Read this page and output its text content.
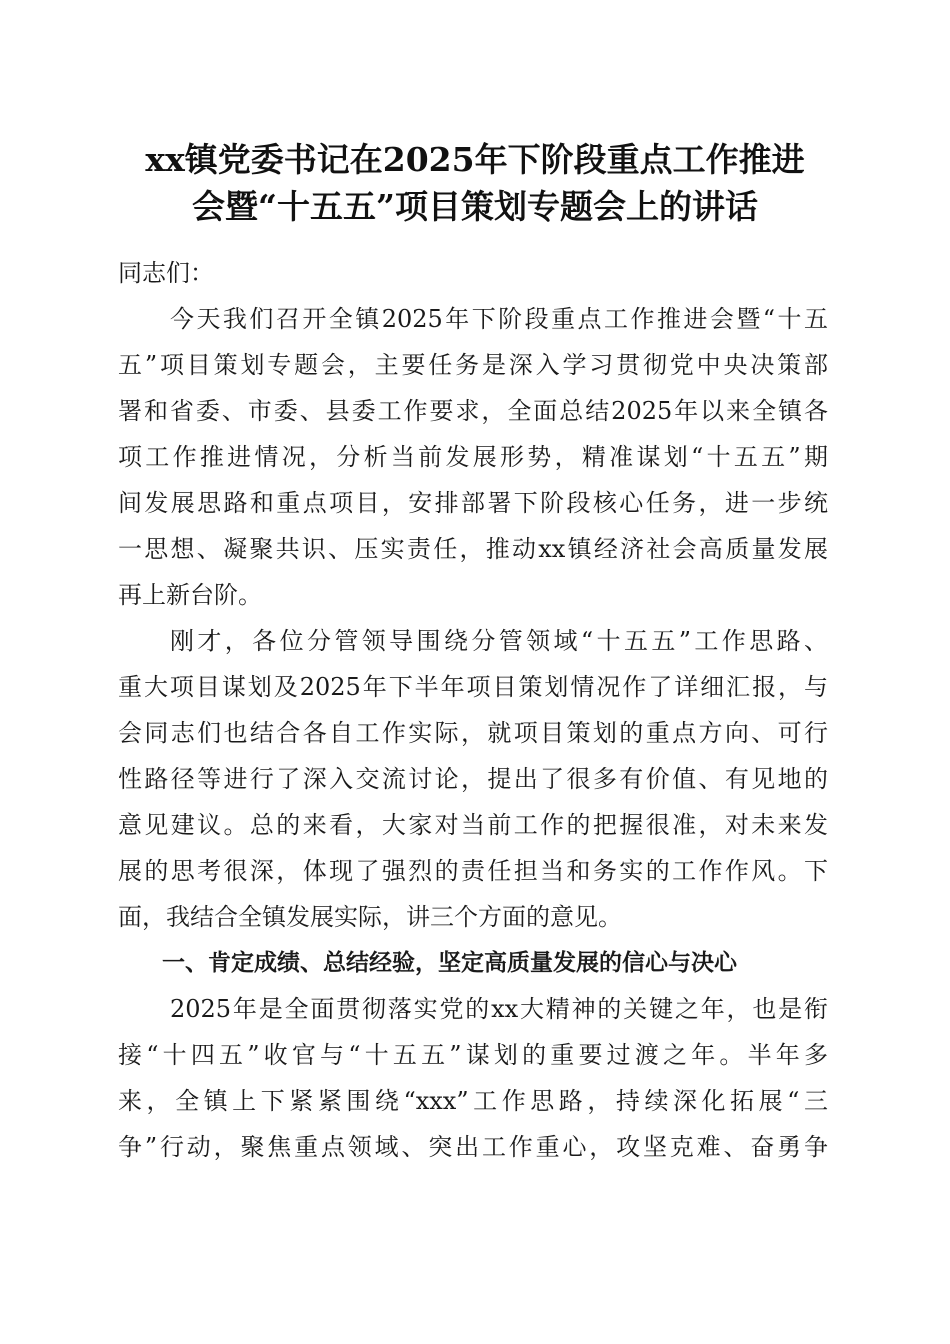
xx镇党委书记在2025年下阶段重点工作推进
会暨“十五五”项目策划专题会上的讲话
同志们：
今天我们召开全镇2025年下阶段重点工作推进会暨“十五
五”项目策划专题会，主要任务是深入学习贯彻党中央决策部
署和省委、市委、县委工作要求，全面总结2025年以来全镇各
项工作推进情况，分析当前发展形势，精准谋划“十五五”期
间发展思路和重点项目，安排部署下阶段核心任务，进一步统
一思想、凝聚共识、压实责任，推动xx镇经济社会高质量发展
再上新台阶。
刚才，各位分管领导围绕分管领域“十五五”工作思路、
重大项目谋划及2025年下半年项目策划情况作了详细汇报，与
会同志们也结合各自工作实际，就项目策划的重点方向、可行
性路径等进行了深入交流讨论，提出了很多有价值、有见地的
意见建议。总的来看，大家对当前工作的把握很准，对未来发
展的思考很深，体现了强烈的责任担当和务实的工作作风。下
面，我结合全镇发展实际，讲三个方面的意见。
一、肯定成绩、总结经验，坚定高质量发展的信心与决心
2025年是全面贯彻落实党的xx大精神的关键之年，也是衔
接“十四五”收官与“十五五”谋划的重要过渡之年。半年多
来，全镇上下紧紧围绕“xxx”工作思路，持续深化拓展“三
争”行动，聚焦重点领域、突出工作重心，攻坚克难、奋勇争
